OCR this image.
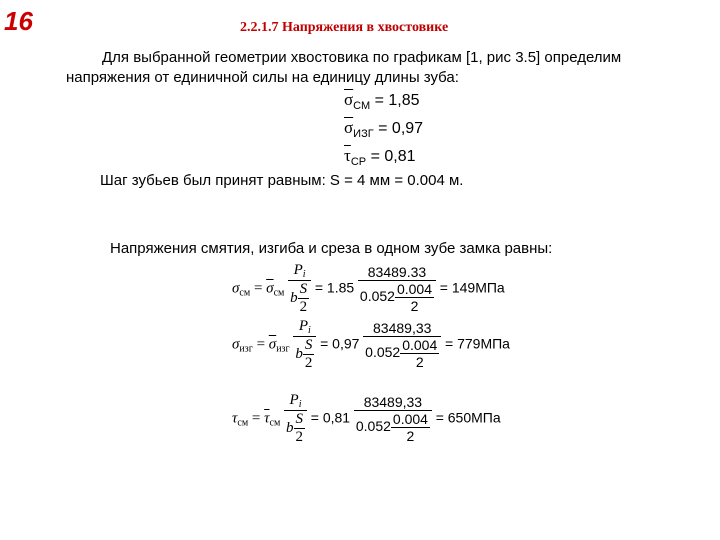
16	2.2.1.7 Напряжения в хвостовике
Для выбранной геометрии хвостовика по графикам [1, рис 3.5] определим
напряжения от единичной силы на единицу длины зуба:
$\overline{\sigma}_{СМ} = 1,85$
$\overline{\sigma}_{ИЗГ} = 0,97$
$\overline{\tau}_{СР} = 0,81$
Шаг зубьев был принят равным: S = 4 мм = 0.004 м.
Напряжения смятия, изгиба и среза в одном зубе замка равны:
$\sigma_{см} = \overline{\sigma}_{см} \frac{P_i}{b \frac{S}{2}} = 1.85 \frac{83489.33}{0.052 \frac{0.004}{2}} = 149МПа$
$\sigma_{изг} = \overline{\sigma}_{изг} \frac{P_i}{b \frac{S}{2}} = 0,97 \frac{83489,33}{0.052 \frac{0.004}{2}} = 779МПа$
$\tau_{см} = \overline{\tau}_{см} \frac{P_i}{b \frac{S}{2}} = 0,81 \frac{83489,33}{0.052 \frac{0.004}{2}} = 650МПа$
